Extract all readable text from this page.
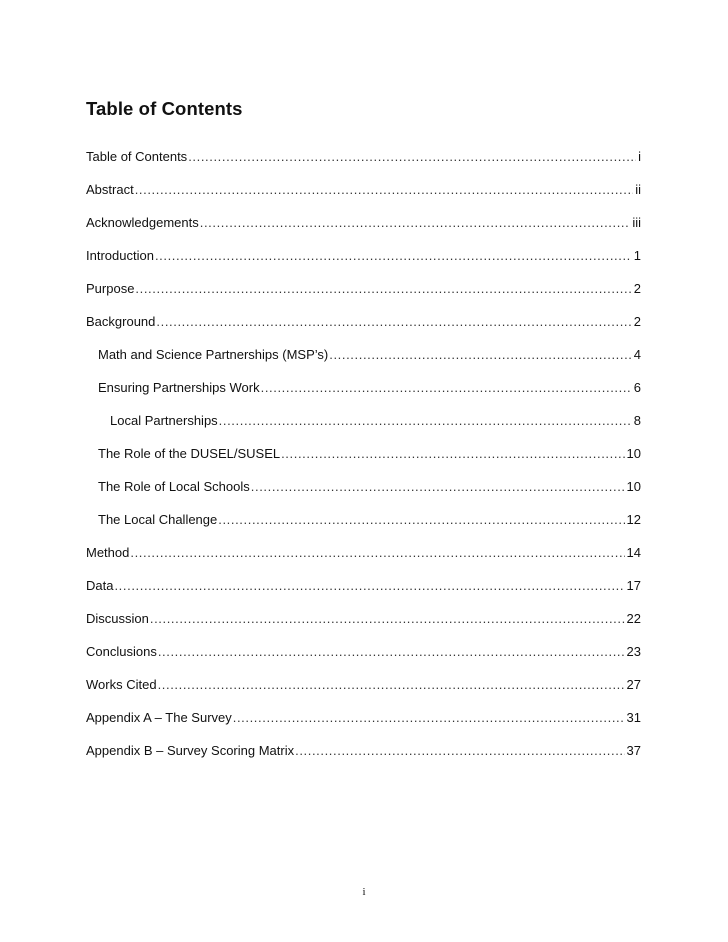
Table of Contents
Table of Contents .....	i
Abstract .....	ii
Acknowledgements .....	iii
Introduction .....	1
Purpose .....	2
Background .....	2
Math and Science Partnerships (MSP’s) .....	4
Ensuring Partnerships Work .....	6
Local Partnerships .....	8
The Role of the DUSEL/SUSEL .....	10
The Role of Local Schools .....	10
The Local Challenge .....	12
Method .....	14
Data .....	17
Discussion .....	22
Conclusions .....	23
Works Cited .....	27
Appendix A – The Survey .....	31
Appendix B – Survey Scoring Matrix .....	37
i
